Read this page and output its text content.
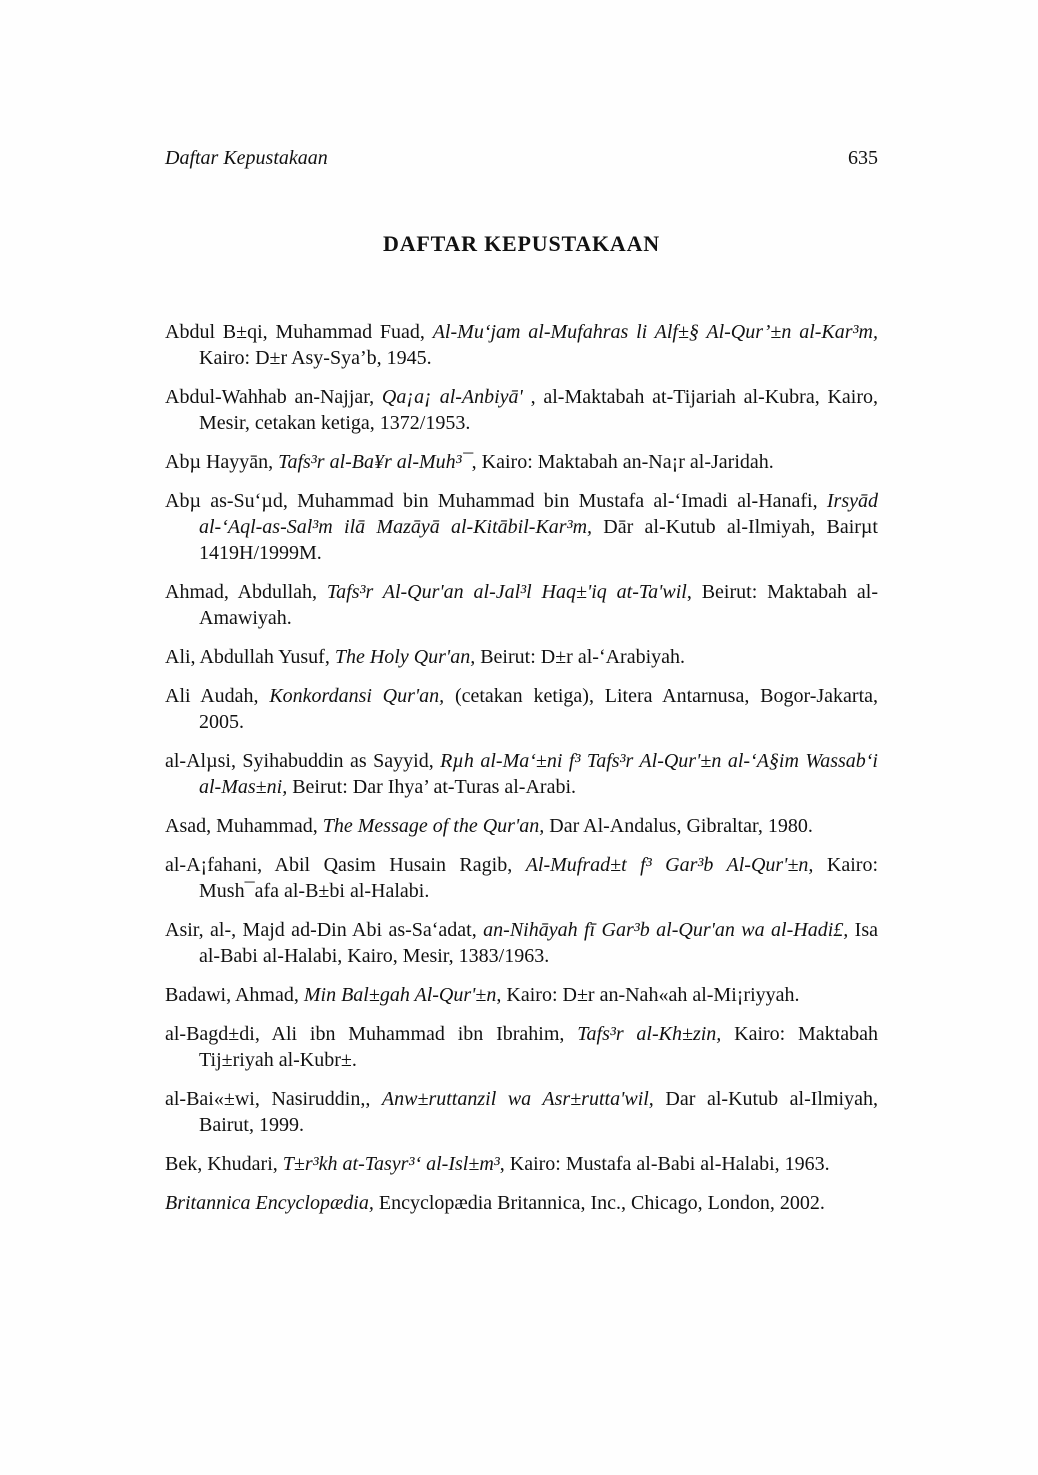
Daftar Kepustakaan	635
DAFTAR KEPUSTAKAAN

Abdul B±qi, Muhammad Fuad, Al-Mu‘jam al-Mufahras li Alf±§ Al-Qur’±n al-Kar³m, Kairo: D±r Asy-Sya’b, 1945.

Abdul-Wahhab an-Najjar, Qa¡a¡ al-Anbiyā' , al-Maktabah at-Tijariah al-Kubra, Kairo, Mesir, cetakan ketiga, 1372/1953.

Abµ Hayyān, Tafs³r al-Ba¥r al-Muh³¯, Kairo: Maktabah an-Na¡r al-Jaridah.

Abµ as-Su‘µd, Muhammad bin Muhammad bin Mustafa al-‘Imadi al-Hanafi, Irsyād al-‘Aql-as-Sal³m ilā Mazāyā al-Kitābil-Kar³m, Dār al-Kutub al-Ilmiyah, Bairµt 1419H/1999M.

Ahmad, Abdullah, Tafs³r Al-Qur'an al-Jal³l Haq±'iq at-Ta'wil, Beirut: Maktabah al-Amawiyah.

Ali, Abdullah Yusuf, The Holy Qur'an, Beirut: D±r al-‘Arabiyah.

Ali Audah, Konkordansi Qur'an, (cetakan ketiga), Litera Antarnusa, Bogor-Jakarta, 2005.

al-Alµsi, Syihabuddin as Sayyid, Rµh al-Ma‘±ni f³ Tafs³r Al-Qur'±n al-‘A§im Wassab‘i al-Mas±ni, Beirut: Dar Ihya’ at-Turas al-Arabi.

Asad, Muhammad, The Message of the Qur'an, Dar Al-Andalus, Gibraltar, 1980.

al-A¡fahani, Abil Qasim Husain Ragib, Al-Mufrad±t f³ Gar³b Al-Qur'±n, Kairo: Mush¯afa al-B±bi al-Halabi.

Asir, al-, Majd ad-Din Abi as-Sa‘adat, an-Nihāyah fī Gar³b al-Qur'an wa al-Hadi£, Isa al-Babi al-Halabi, Kairo, Mesir, 1383/1963.

Badawi, Ahmad, Min Bal±gah Al-Qur'±n, Kairo: D±r an-Nah«ah al-Mi¡riyyah.

al-Bagd±di, Ali ibn Muhammad ibn Ibrahim, Tafs³r al-Kh±zin, Kairo: Maktabah Tij±riyah al-Kubr±.

al-Bai«±wi, Nasiruddin,, Anw±ruttanzil wa Asr±rutta'wil, Dar al-Kutub al-Ilmiyah, Bairut, 1999.

Bek, Khudari, T±r³kh at-Tasyr³‘ al-Isl±m³, Kairo: Mustafa al-Babi al-Halabi, 1963.

Britannica Encyclopædia, Encyclopædia Britannica, Inc., Chicago, London, 2002.
